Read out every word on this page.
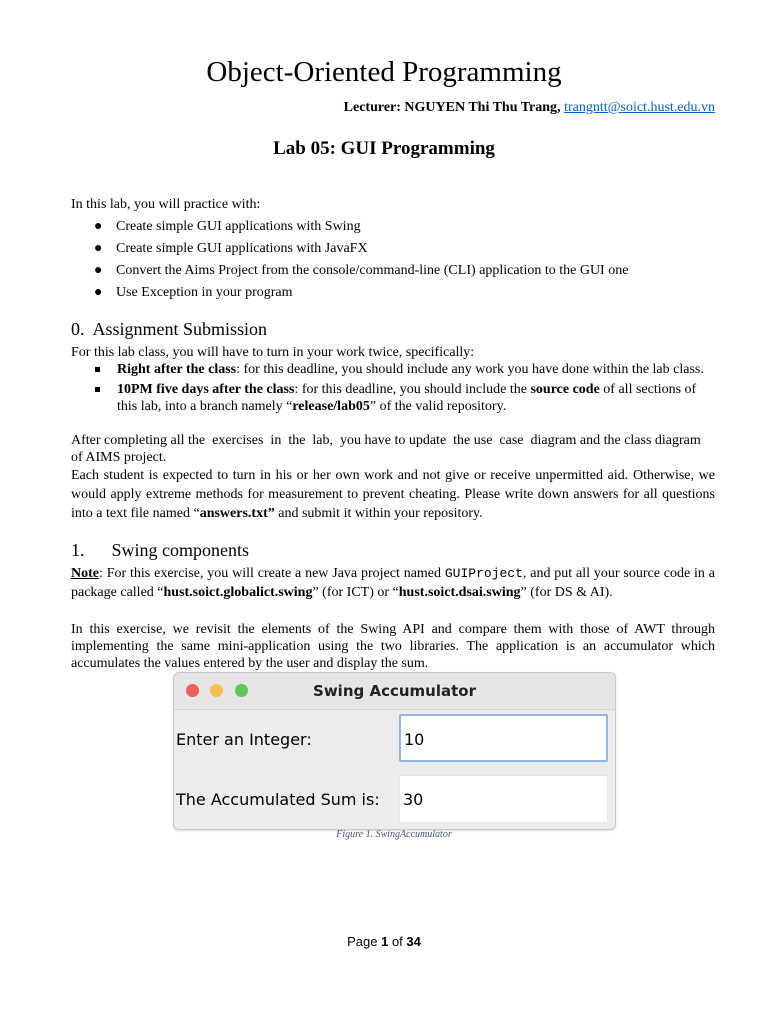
Object-Oriented Programming
Lecturer: NGUYEN Thi Thu Trang, trangntt@soict.hust.edu.vn
Lab 05: GUI Programming
In this lab, you will practice with:
● Create simple GUI applications with Swing
● Create simple GUI applications with JavaFX
● Convert the Aims Project from the console/command-line (CLI) application to the GUI one
● Use Exception in your program
0.  Assignment Submission
For this lab class, you will have to turn in your work twice, specifically:
Right after the class: for this deadline, you should include any work you have done within the lab class.
10PM five days after the class: for this deadline, you should include the source code of all sections of this lab, into a branch namely “release/lab05” of the valid repository.
After completing all the  exercises  in  the  lab,  you have to update  the use  case  diagram and the class diagram of AIMS project.
Each student is expected to turn in his or her own work and not give or receive unpermitted aid. Otherwise, we would apply extreme methods for measurement to prevent cheating. Please write down answers for all questions into a text file named “answers.txt” and submit it within your repository.
1.      Swing components
Note: For this exercise, you will create a new Java project named GUIProject, and put all your source code in a package called “hust.soict.globalict.swing” (for ICT) or “hust.soict.dsai.swing” (for DS & AI).
In this exercise, we revisit the elements of the Swing API and compare them with those of AWT through implementing the same mini-application using the two libraries. The application is an accumulator which accumulates the values entered by the user and display the sum.
Swing Accumulator
Enter an Integer:	10
The Accumulated Sum is: 30
Figure 1. SwingAccumulator
Page 1 of 34
